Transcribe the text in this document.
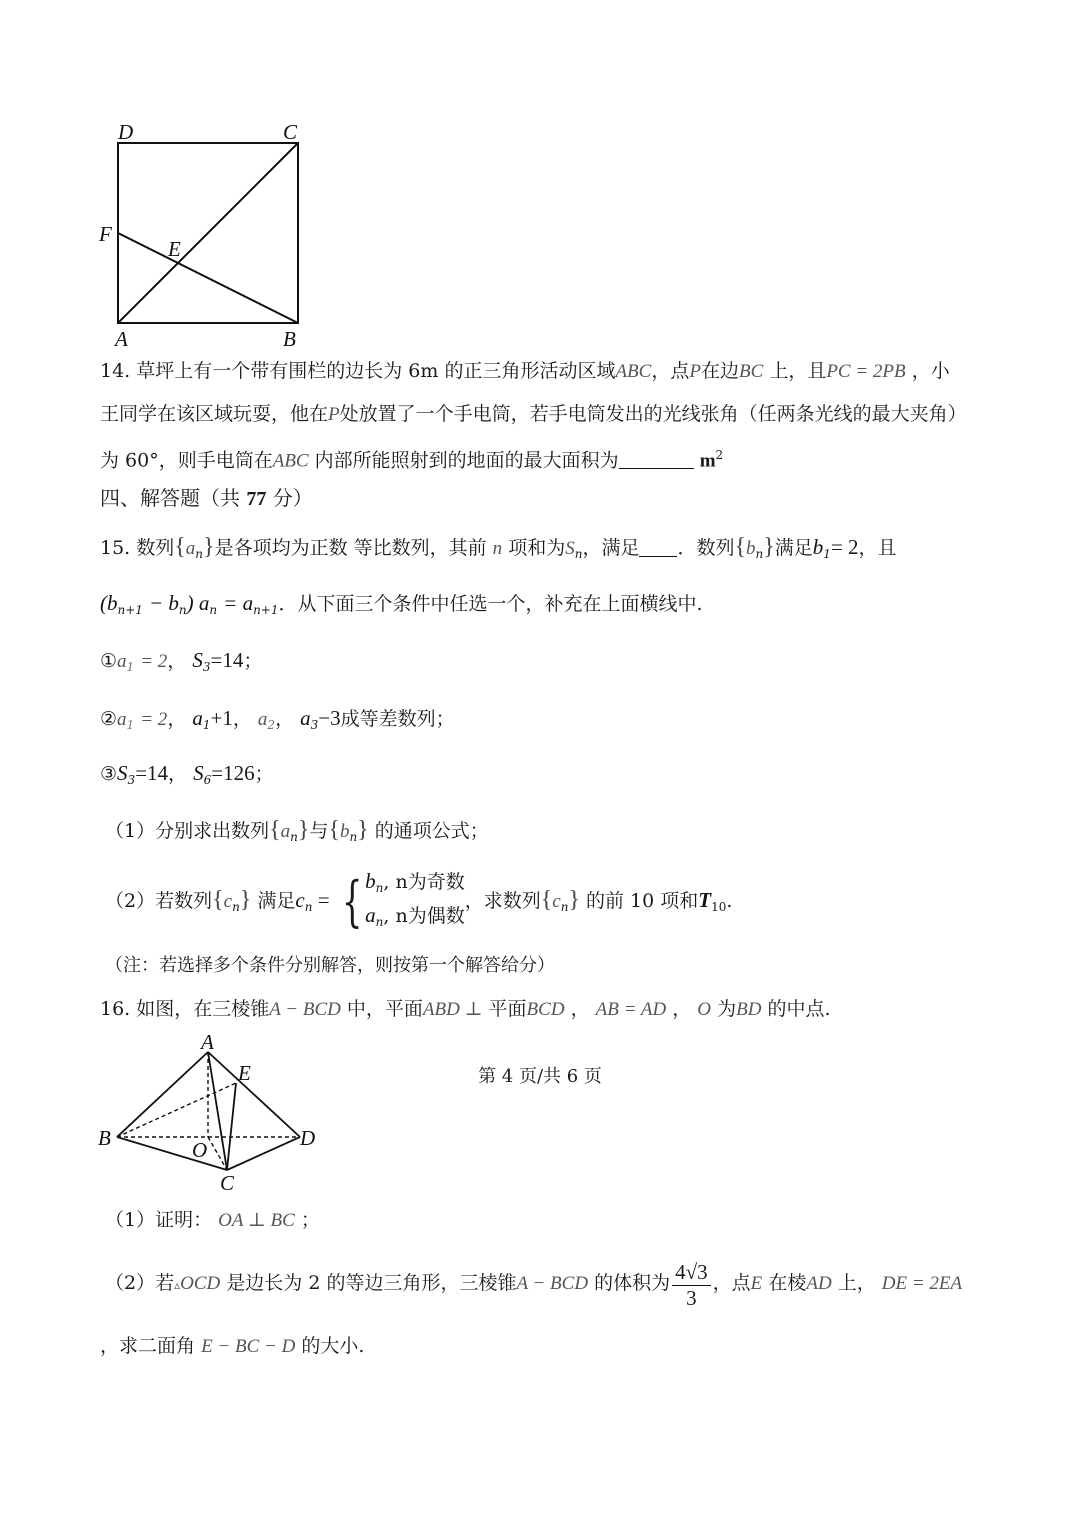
D	C
F
E
A	B
14. 草坪上有一个带有围栏的边长为 6m 的正三角形活动区域ABC，点P在边BC 上，且PC = 2PB ，小
王同学在该区域玩耍，他在P处放置了一个手电筒，若手电筒发出的光线张角（任两条光线的最大夹角）
为 60°，则手电筒在ABC 内部所能照射到的地面的最大面积为	$m^2$
四、解答题（共 77 分）
15. 数列$\{a_n\}$是各项均为正数 等比数列，其前 n 项和为$S_n$，满足 ．数列$\{b_n\}$满足$b_1= 2$，且
$(b_{n+1} - b_n) a_n = a_{n+1}$．从下面三个条件中任选一个，补充在上面横线中.
$①a_1 = 2$， $S_3=14$；
$②a_1 = 2$， $a_1+1$， $a_2$， $a_3-3$成等差数列；
$③S_3=14$， $S_6=126$；
（1）分别求出数列$\{a_n\}$与$\{b_n\}$ 的通项公式；
（2）若数列$\{c_n\}$ 满足$c_n$ = { $b_n$, n为奇数
$a_n$, n为偶数
，求数列$\{c_n\}$ 的前 10 项和$T_{10}$.
（注：若选择多个条件分别解答，则按第一个解答给分）
16. 如图，在三棱锥A − BCD 中，平面ABD ⊥ 平面BCD ， AB = AD ， O 为BD 的中点.
A
E
B	O	D
C
（1）证明： OA ⊥ BC ；
（2）若▵OCD 是边长为 2 的等边三角形，三棱锥A − BCD 的体积为 $\frac{4√3}{3}$ ，点E 在棱AD 上， DE = 2EA
，求二面角 E − BC − D 的大小.
第 4 页/共 6 页
